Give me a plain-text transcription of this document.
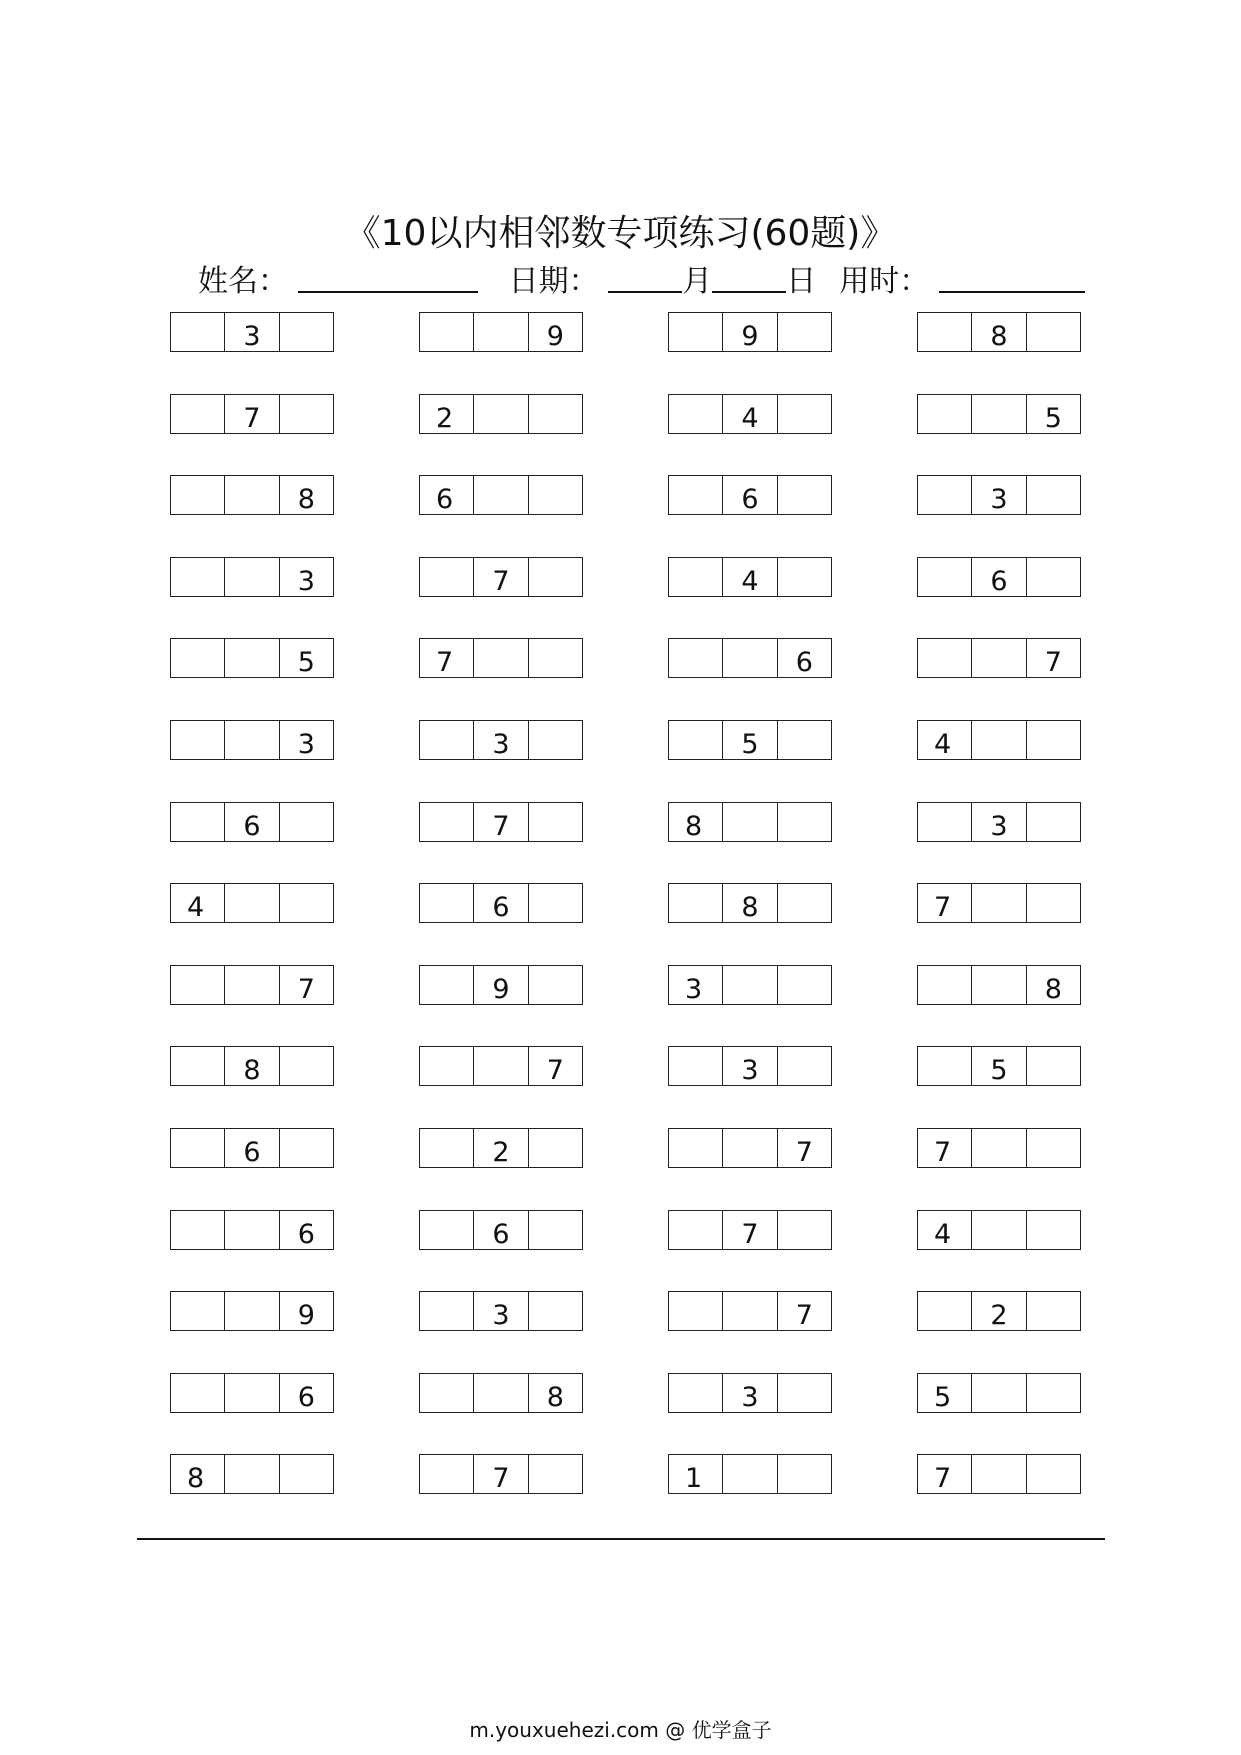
《10以内相邻数专项练习(60题)》
姓名：	日期：	月 日 用时：
3	9	9	8
7	2	4	5
8	6	6	3
3	7	4	6
5	7	6	7
3	3	5	4
6	7	8	3
4	6	8	7
7	9	3	8
8	7	3	5
6	2	7	7
6	6	7	4
9	3	7	2
6	8	3	5
8	7	1	7
m.youxuehezi.com @ 优学盒子
